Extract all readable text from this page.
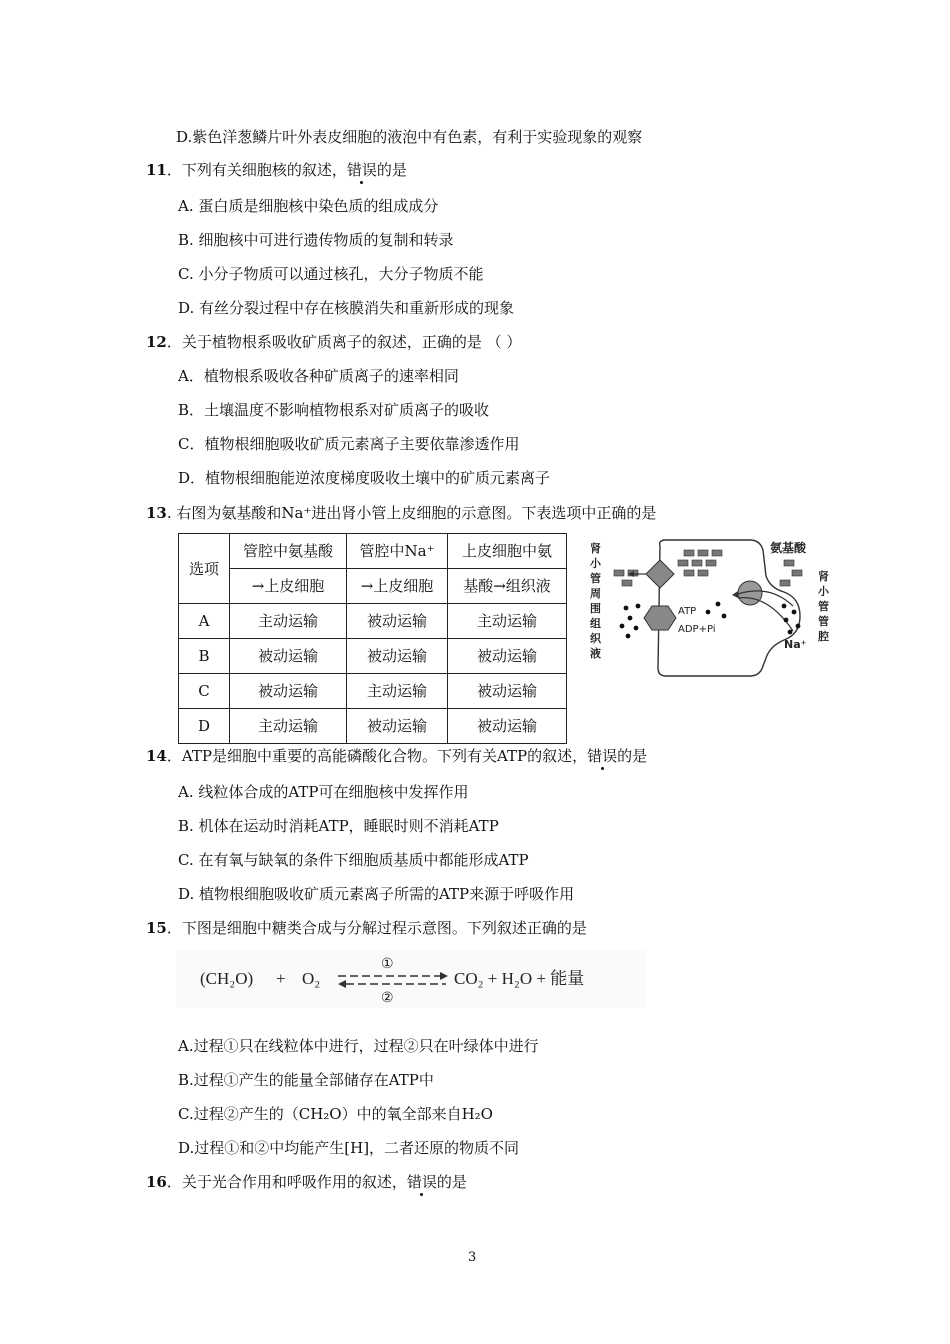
D.紫色洋葱鳞片叶外表皮细胞的液泡中有色素，有利于实验现象的观察
11．下列有关细胞核的叙述，错误的是
A. 蛋白质是细胞核中染色质的组成成分
B. 细胞核中可进行遗传物质的复制和转录
C. 小分子物质可以通过核孔，大分子物质不能
D. 有丝分裂过程中存在核膜消失和重新形成的现象
12．关于植物根系吸收矿质离子的叙述，正确的是 （ ）
A．植物根系吸收各种矿质离子的速率相同
B．土壤温度不影响植物根系对矿质离子的吸收
C．植物根细胞吸收矿质元素离子主要依靠渗透作用
D．植物根细胞能逆浓度梯度吸收土壤中的矿质元素离子
13. 右图为氨基酸和Na⁺进出肾小管上皮细胞的示意图。下表选项中正确的是
选项	管腔中氨基酸	管腔中Na⁺	上皮细胞中氨
	→上皮细胞	→上皮细胞	基酸→组织液
A	主动运输	被动运输	主动运输
B	被动运输	被动运输	被动运输
C	被动运输	主动运输	被动运输
D	主动运输	被动运输	被动运输
肾
小
管
周
围
组
织
液
肾
小
管
管
腔
ATP
ADP+Pi
氨基酸
Na⁺
14．ATP是细胞中重要的高能磷酸化合物。下列有关ATP的叙述，错误的是
A. 线粒体合成的ATP可在细胞核中发挥作用
B. 机体在运动时消耗ATP，睡眠时则不消耗ATP
C. 在有氧与缺氧的条件下细胞质基质中都能形成ATP
D. 植物根细胞吸收矿质元素离子所需的ATP来源于呼吸作用
15．下图是细胞中糖类合成与分解过程示意图。下列叙述正确的是
(CH₂O) + O₂
①
②
CO₂ + H₂O + 能量
A.过程①只在线粒体中进行，过程②只在叶绿体中进行
B.过程①产生的能量全部储存在ATP中
C.过程②产生的（CH₂O）中的氧全部来自H₂O
D.过程①和②中均能产生[H]，二者还原的物质不同
16．关于光合作用和呼吸作用的叙述，错误的是
3
